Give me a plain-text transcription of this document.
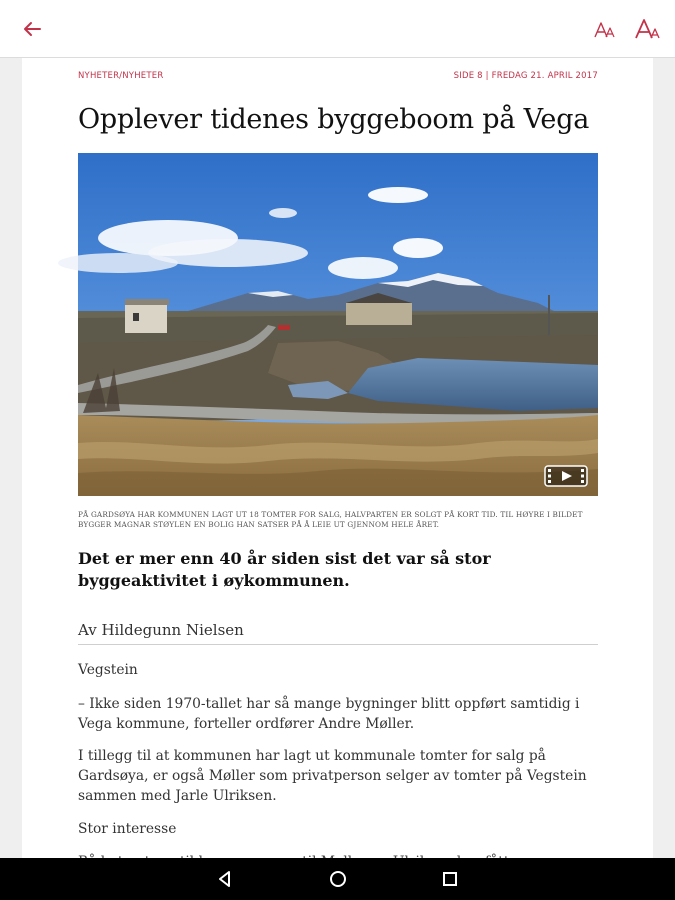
NYHETER/NYHETER	SIDE 8 | FREDAG 21. APRIL 2017
Opplever tidenes byggeboom på Vega

PÅ GARDSØYA HAR KOMMUNEN LAGT UT 18 TOMTER FOR SALG, HALVPARTEN ER SOLGT PÅ KORT TID. TIL HØYRE I BILDET BYGGER MAGNAR STØYLEN EN BOLIG HAN SATSER PÅ Å LEIE UT GJENNOM HELE ÅRET.

Det er mer enn 40 år siden sist det var så stor byggeaktivitet i øykommunen.

Av Hildegunn Nielsen

Vegstein

– Ikke siden 1970-tallet har så mange bygninger blitt oppført samtidig i Vega kommune, forteller ordfører Andre Møller.

I tillegg til at kommunen har lagt ut kommunale tomter for salg på Gardsøya, er også Møller som privatperson selger av tomter på Vegstein sammen med Jarle Ulriksen.

Stor interesse
